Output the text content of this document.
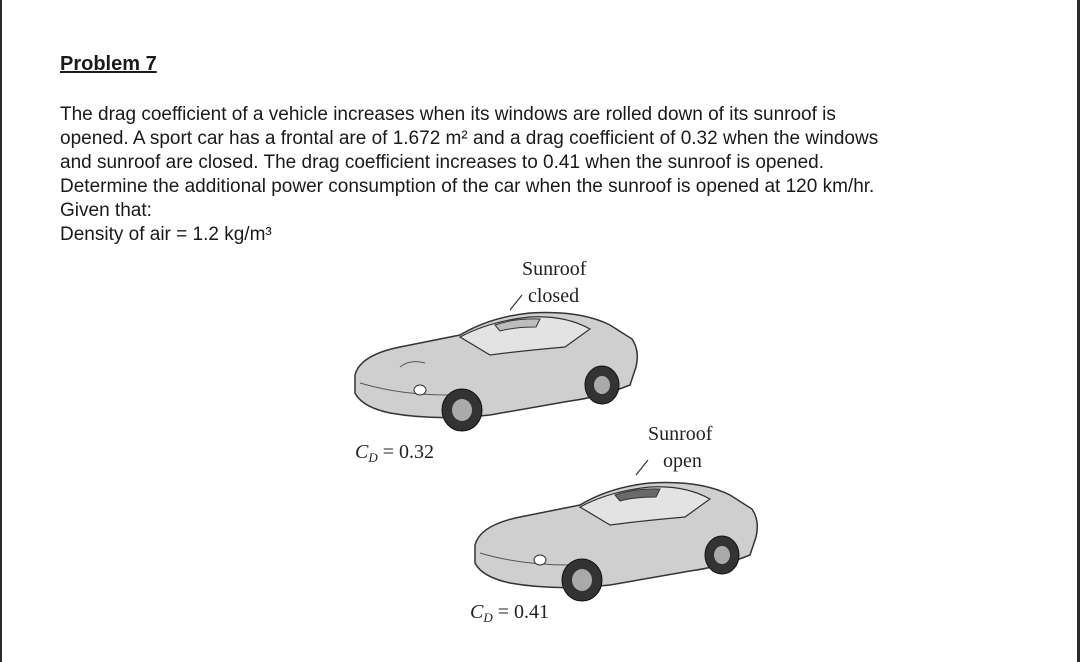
Problem 7

The drag coefficient of a vehicle increases when its windows are rolled down of its sunroof is

opened. A sport car has a frontal are of 1.672 m² and a drag coefficient of 0.32 when the windows

and sunroof are closed. The drag coefficient increases to 0.41 when the sunroof is opened.

Determine the additional power consumption of the car when the sunroof is opened at 120 km/hr.

Given that:

Density of air = 1.2 kg/m³

Sunroof
closed
$C_D = 0.32$
Sunroof
open
$C_D = 0.41$
